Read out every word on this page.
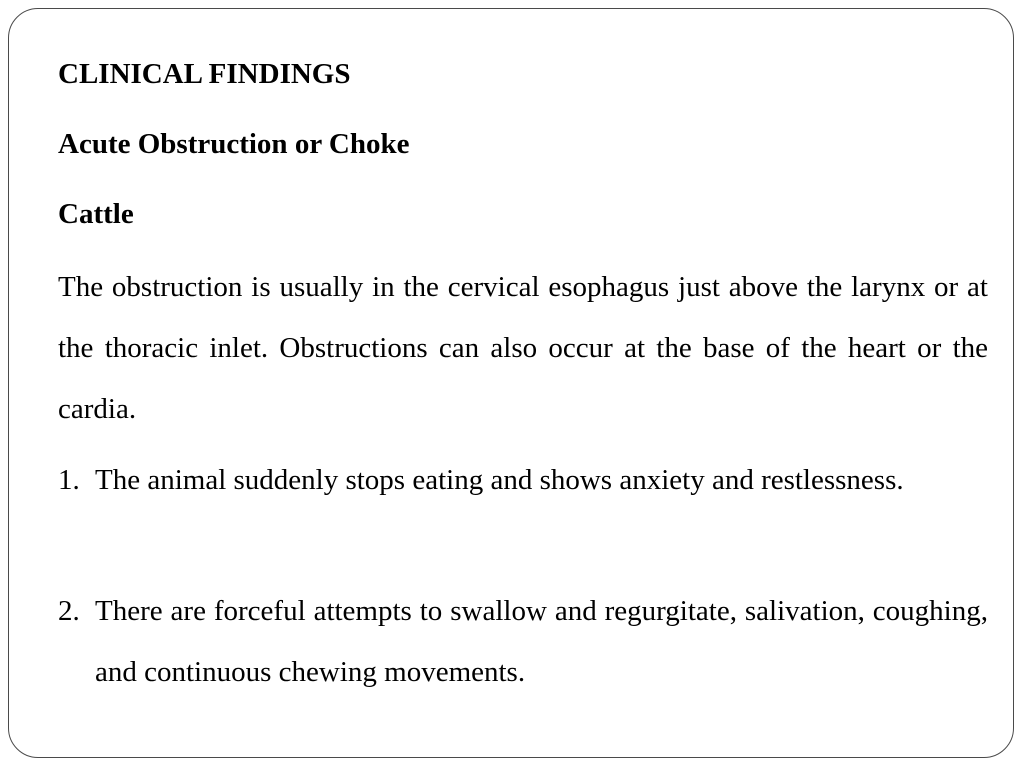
CLINICAL FINDINGS
Acute Obstruction or Choke
Cattle
The obstruction is usually in the cervical esophagus just above the larynx or at the thoracic inlet. Obstructions can also occur at the base of the heart or the cardia.
1. The animal suddenly stops eating and shows anxiety and restlessness.
2. There are forceful attempts to swallow and regurgitate, salivation, coughing, and continuous chewing movements.
